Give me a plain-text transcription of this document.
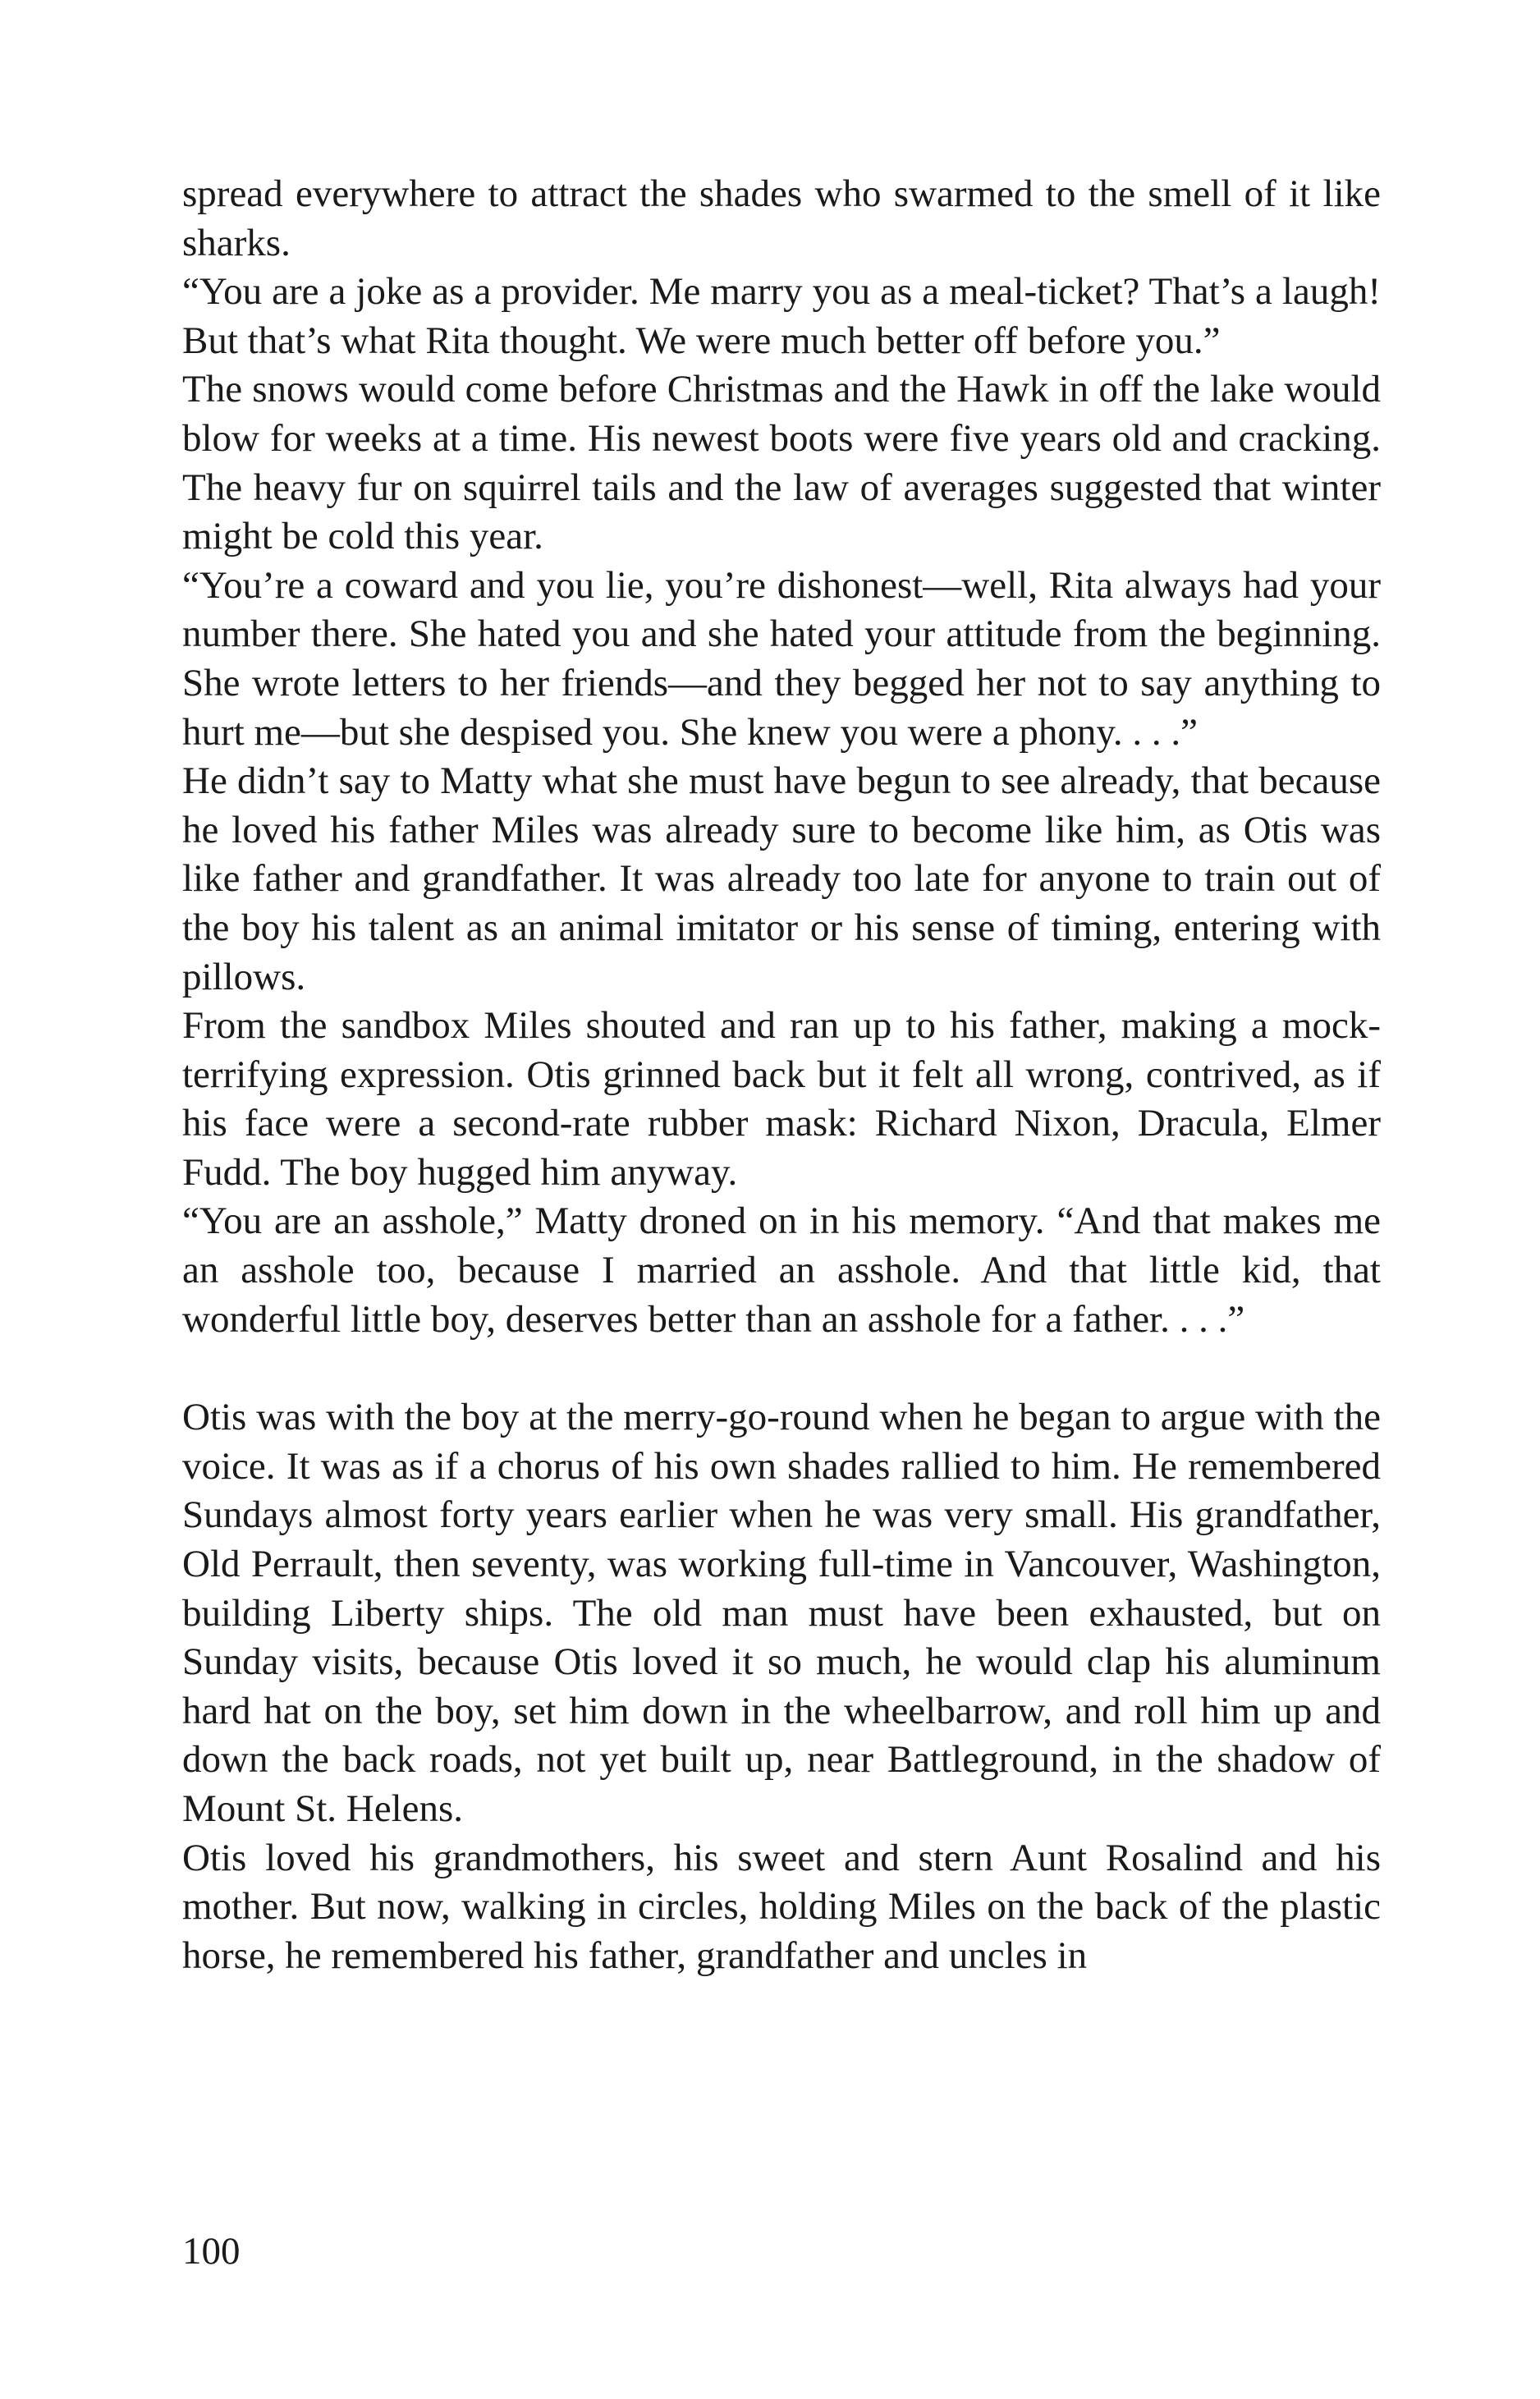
spread everywhere to attract the shades who swarmed to the smell of it like sharks.

“You are a joke as a provider. Me marry you as a meal-ticket? That’s a laugh! But that’s what Rita thought. We were much better off before you.”

The snows would come before Christmas and the Hawk in off the lake would blow for weeks at a time. His newest boots were five years old and cracking. The heavy fur on squirrel tails and the law of averages suggested that winter might be cold this year.

“You’re a coward and you lie, you’re dishonest—well, Rita always had your number there. She hated you and she hated your attitude from the beginning. She wrote letters to her friends—and they begged her not to say anything to hurt me—but she despised you. She knew you were a phony. . . .”

He didn’t say to Matty what she must have begun to see already, that because he loved his father Miles was already sure to become like him, as Otis was like father and grandfather. It was already too late for anyone to train out of the boy his talent as an animal imitator or his sense of timing, entering with pillows.

From the sandbox Miles shouted and ran up to his father, making a mock-terrifying expression. Otis grinned back but it felt all wrong, contrived, as if his face were a second-rate rubber mask: Richard Nixon, Dracula, Elmer Fudd. The boy hugged him anyway.

“You are an asshole,” Matty droned on in his memory. “And that makes me an asshole too, because I married an asshole. And that little kid, that wonderful little boy, deserves better than an asshole for a father. . . .”

Otis was with the boy at the merry-go-round when he began to argue with the voice. It was as if a chorus of his own shades rallied to him. He remembered Sundays almost forty years earlier when he was very small. His grandfather, Old Perrault, then seventy, was working full-time in Vancouver, Washington, building Liberty ships. The old man must have been exhausted, but on Sunday visits, because Otis loved it so much, he would clap his aluminum hard hat on the boy, set him down in the wheelbarrow, and roll him up and down the back roads, not yet built up, near Battleground, in the shadow of Mount St. Helens.

Otis loved his grandmothers, his sweet and stern Aunt Rosalind and his mother. But now, walking in circles, holding Miles on the back of the plastic horse, he remembered his father, grandfather and uncles in

100
